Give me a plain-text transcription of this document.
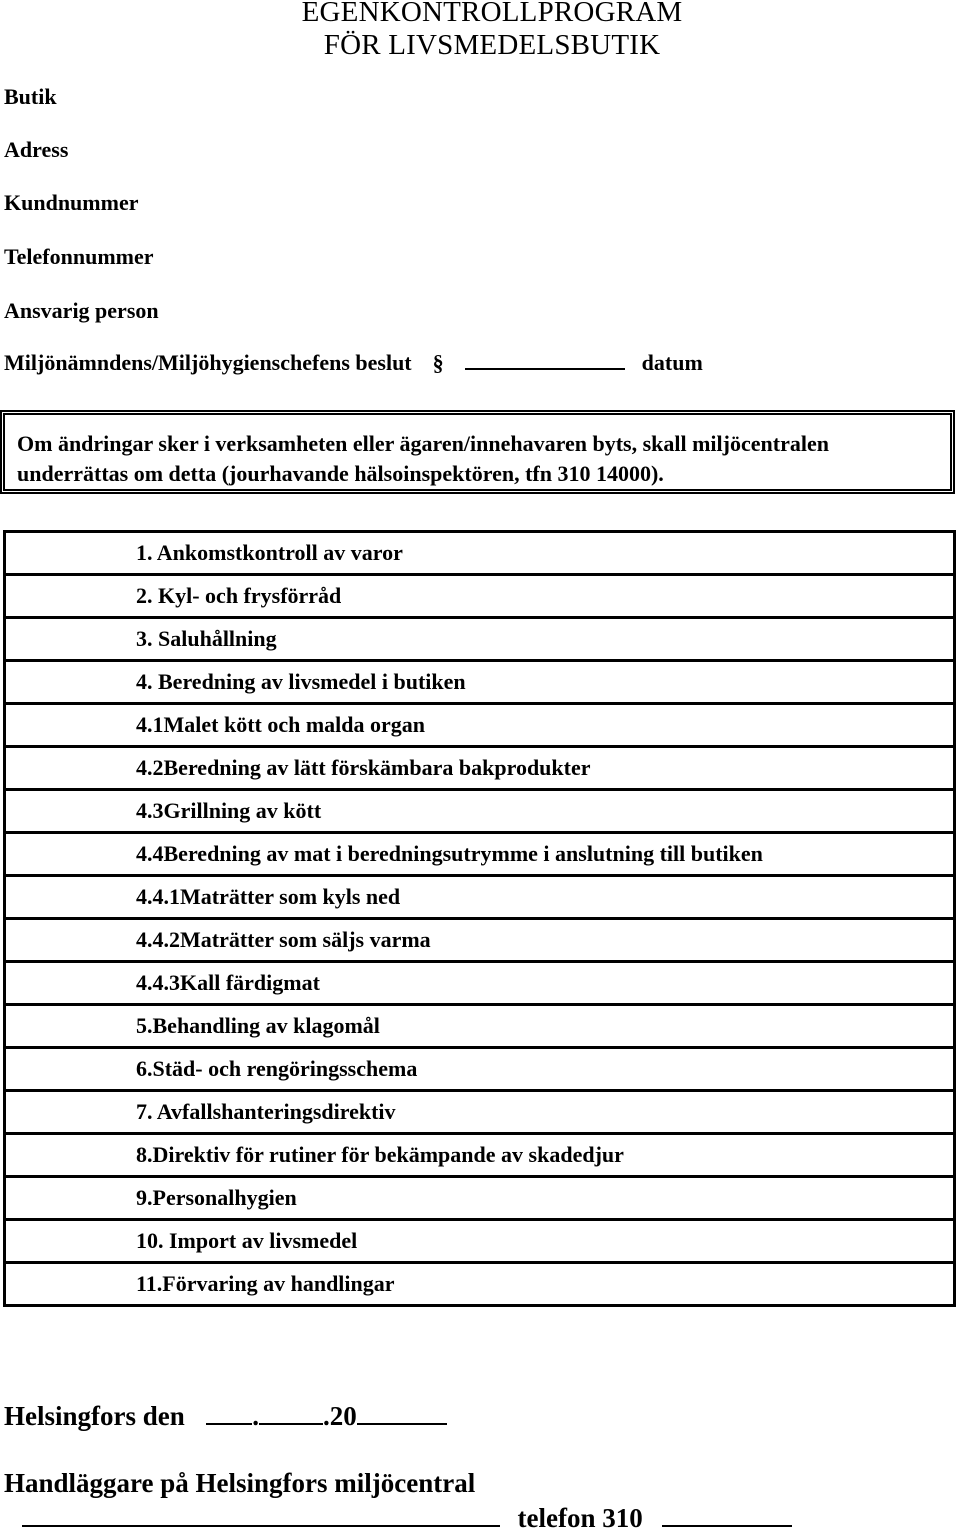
EGENKONTROLLPROGRAM
FÖR LIVSMEDELSBUTIK
Butik
Adress
Kundnummer
Telefonnummer
Ansvarig person
Miljönämndens/Miljöhygienschefens beslut §	datum
Om ändringar sker i verksamheten eller ägaren/innehavaren byts, skall miljöcentralen
underrättas om detta (jourhavande hälsoinspektören, tfn 310 14000).
1. Ankomstkontroll av varor
2. Kyl- och frysförråd
3. Saluhållning
4. Beredning av livsmedel i butiken
4.1Malet kött och malda organ
4.2Beredning av lätt förskämbara bakprodukter
4.3Grillning av kött
4.4Beredning av mat i beredningsutrymme i anslutning till butiken
4.4.1Maträtter som kyls ned
4.4.2Maträtter som säljs varma
4.4.3Kall färdigmat
5.Behandling av klagomål
6.Städ- och rengöringsschema
7. Avfallshanteringsdirektiv
8.Direktiv för rutiner för bekämpande av skadedjur
9.Personalhygien
10. Import av livsmedel
11.Förvaring av handlingar
Helsingfors den	. .20
Handläggare på Helsingfors miljöcentral
telefon 310
